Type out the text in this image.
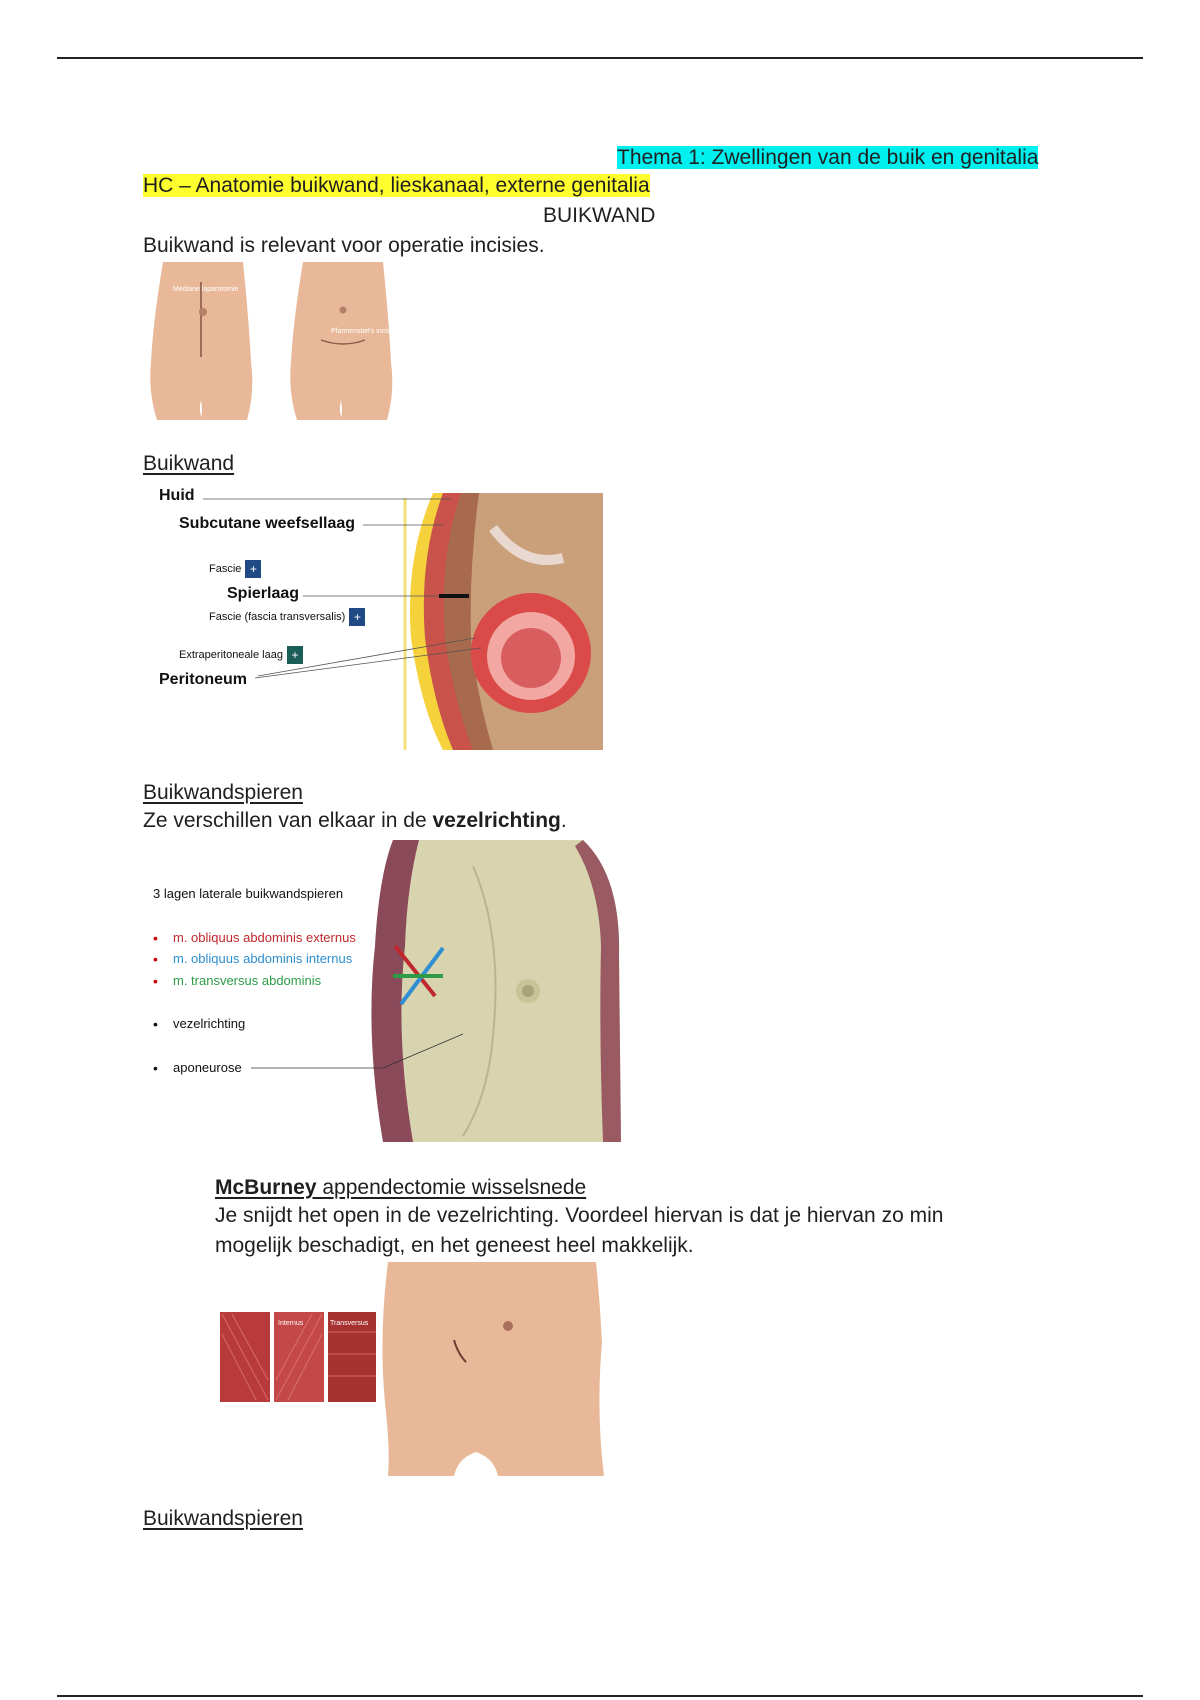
Thema 1: Zwellingen van de buik en genitalia
HC – Anatomie buikwand, lieskanaal, externe genitalia
BUIKWAND
Buikwand is relevant voor operatie incisies.
Mediane laparotomie
Pfannenstiel's incisie
Buikwand
Huid
Subcutane weefsellaag
Fascie +
Spierlaag
Fascie (fascia transversalis) +
Extraperitoneale laag +
Peritoneum
Buikwandspieren
Ze verschillen van elkaar in de vezelrichting.
3 lagen laterale buikwandspieren
• m. obliquus abdominis externus
• m. obliquus abdominis internus
• m. transversus abdominis
• vezelrichting
• aponeurose
McBurney appendectomie wisselsnede
Je snijdt het open in de vezelrichting. Voordeel hiervan is dat je hiervan zo min
mogelijk beschadigt, en het geneest heel makkelijk.
Internus	Transversus
Buikwandspieren
